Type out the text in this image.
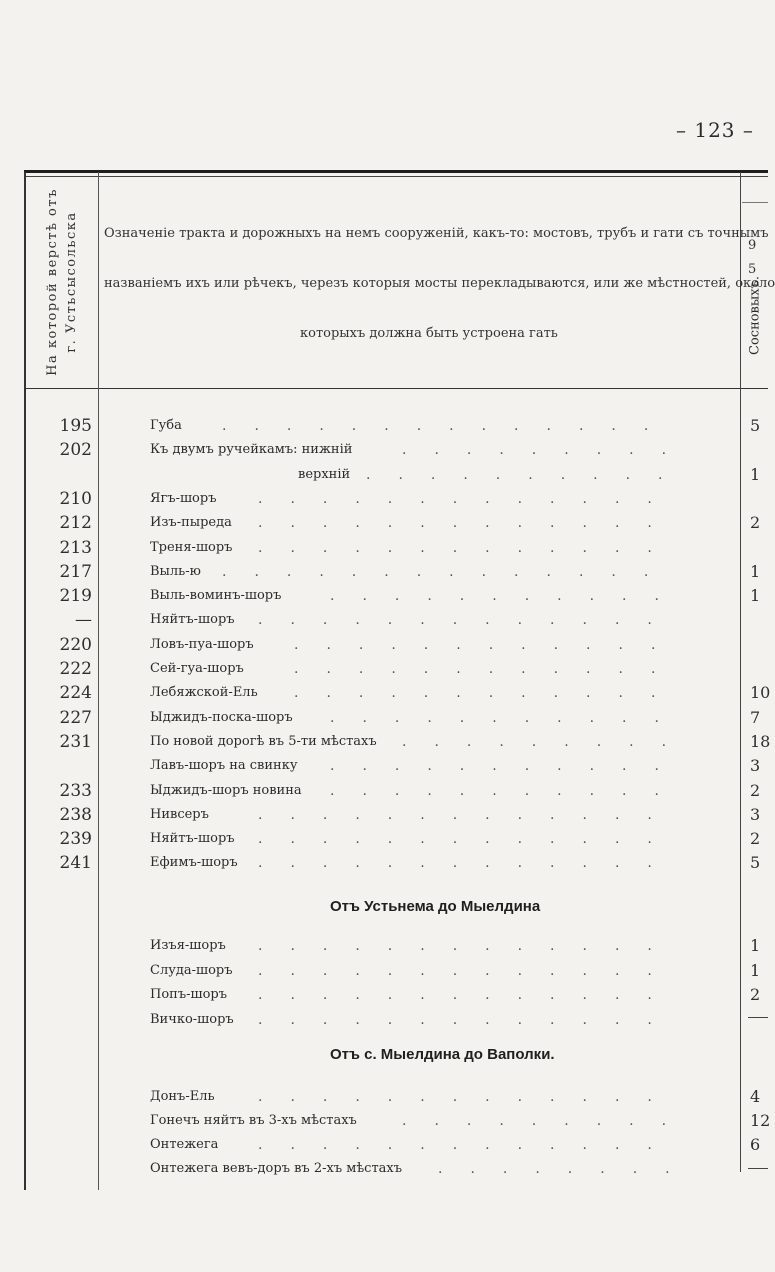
– 123 –
На которой верстѣ отъ г. Устьсысольска Означеніе тракта и дорожныхъ на немъ сооруженій, какъ-то: мостовъ, трубъ и гати съ точнымъ
названіемъ ихъ или рѣчекъ, черезъ которыя мосты перекладываются, или же мѣстностей, около
которыхъ должна быть устроена гать
9
5
Сосновыхъ.
195	Губа	.  .  .  .  .  .  .  .  .  .  .  .  .  .  	5
202	Къ двумъ ручейкамъ: нижній	.  .  .  .  .  .  .  .  .  
верхній .  .  .  .  .  .  .  .  .  .  	1
210	Ягъ-шоръ	.  .  .  .  .  .  .  .  .  .  .  .  .  
212	Изъ-пыреда .  .  .  .  .  .  .  .  .  .  .  .  .  	2
213	Треня-шоръ .  .  .  .  .  .  .  .  .  .  .  .  .  
217	Выль-ю .  .  .  .  .  .  .  .  .  .  .  .  .  .  	1
219	Выль-воминъ-шоръ	.  .  .  .  .  .  .  .  .  .  .  	1
—	Няйтъ-шоръ .  .  .  .  .  .  .  .  .  .  .  .  .  
220	Ловъ-пуа-шоръ	.  .  .  .  .  .  .  .  .  .  .  .  
222	Сей-гуа-шоръ	.  .  .  .  .  .  .  .  .  .  .  .  
224	Лебяжской-Ель	.  .  .  .  .  .  .  .  .  .  .  .  	10
227	Ыджидъ-поска-шоръ	.  .  .  .  .  .  .  .  .  .  .  	7
231	По новой дорогѣ въ 5-ти мѣстахъ .  .  .  .  .  .  .  .  .  	18
Лавъ-шоръ на свинку .  .  .  .  .  .  .  .  .  .  .  	3
233	Ыджидъ-шоръ новина .  .  .  .  .  .  .  .  .  .  .  	2
238	Нивсеръ	.  .  .  .  .  .  .  .  .  .  .  .  .  	3
239	Няйтъ-шоръ .  .  .  .  .  .  .  .  .  .  .  .  .  	2
241	Ефимъ-шоръ .  .  .  .  .  .  .  .  .  .  .  .  .  	5
Отъ Устьнема до Мыелдина
Изъя-шоръ .  .  .  .  .  .  .  .  .  .  .  .  .  	1
Слуда-шоръ .  .  .  .  .  .  .  .  .  .  .  .  .  	1
Попъ-шоръ .  .  .  .  .  .  .  .  .  .  .  .  .  	2
Вичко-шоръ .  .  .  .  .  .  .  .  .  .  .  .  .  
Отъ с. Мыелдина до Ваполки.
Донъ-Ель	.  .  .  .  .  .  .  .  .  .  .  .  .  	4
Гонечъ няйтъ въ 3-хъ мѣстахъ	.  .  .  .  .  .  .  .  .  	12
Онтежега	.  .  .  .  .  .  .  .  .  .  .  .  .  	6
Онтежега вевъ-доръ въ 2-хъ мѣстахъ	.  .  .  .  .  .  .  .  
